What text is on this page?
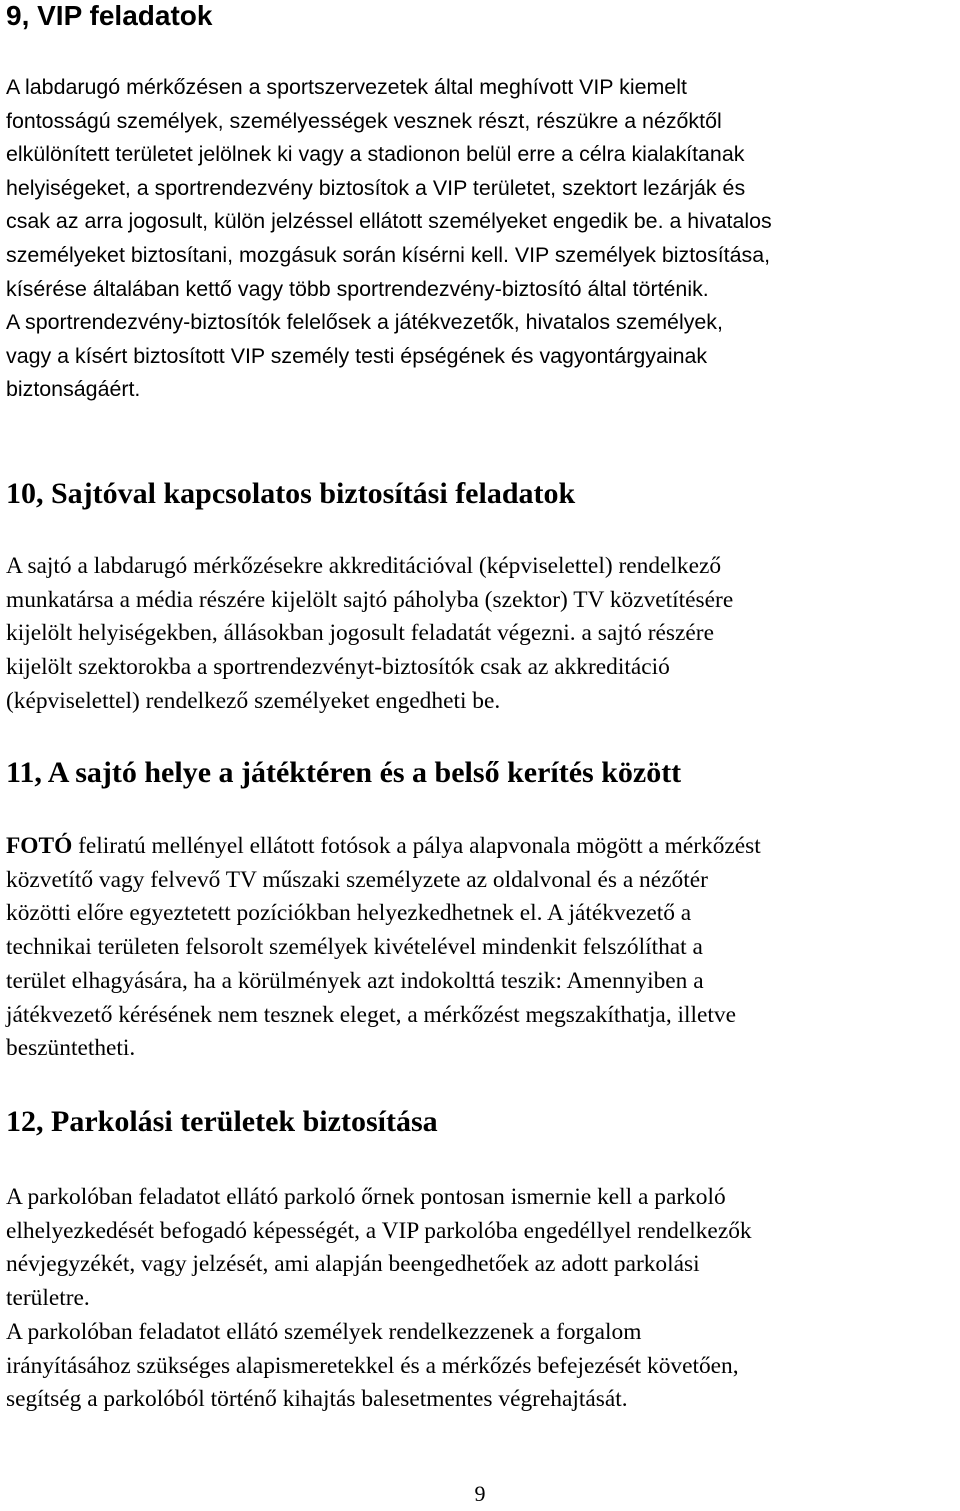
9, VIP feladatok

A labdarugó mérkőzésen a sportszervezetek által meghívott VIP kiemelt
fontosságú személyek, személyességek vesznek részt, részükre a nézőktől
elkülönített területet jelölnek ki vagy a stadionon belül erre a célra kialakítanak
helyiségeket, a sportrendezvény biztosítok a VIP területet, szektort lezárják és
csak az arra jogosult, külön jelzéssel ellátott személyeket engedik be. a hivatalos
személyeket biztosítani, mozgásuk során kísérni kell. VIP személyek biztosítása,
kísérése általában kettő vagy több sportrendezvény-biztosító által történik.
A sportrendezvény-biztosítók felelősek a játékvezetők, hivatalos személyek,
vagy a kísért biztosított VIP személy testi épségének és vagyontárgyainak
biztonságáért.

10, Sajtóval kapcsolatos biztosítási feladatok

A sajtó a labdarugó mérkőzésekre akkreditációval (képviselettel) rendelkező
munkatársa a média részére kijelölt sajtó páholyba (szektor) TV közvetítésére
kijelölt helyiségekben, állásokban jogosult feladatát végezni. a sajtó részére
kijelölt szektorokba a sportrendezvényt-biztosítók csak az akkreditáció
(képviselettel) rendelkező személyeket engedheti be.

11, A sajtó helye a játéktéren és a belső kerítés között

FOTÓ feliratú mellényel ellátott fotósok a pálya alapvonala mögött a mérkőzést
közvetítő vagy felvevő TV műszaki személyzete az oldalvonal és a nézőtér
közötti előre egyeztetett pozíciókban helyezkedhetnek el. A játékvezető a
technikai területen felsorolt személyek kivételével mindenkit felszólíthat a
terület elhagyására, ha a körülmények azt indokolttá teszik: Amennyiben a
játékvezető kérésének nem tesznek eleget, a mérkőzést megszakíthatja, illetve
beszüntetheti.

12, Parkolási területek biztosítása

A parkolóban feladatot ellátó parkoló őrnek pontosan ismernie kell a parkoló
elhelyezkedését befogadó képességét, a VIP parkolóba engedéllyel rendelkezők
névjegyzékét, vagy jelzését, ami alapján beengedhetőek az adott parkolási
területre.

A parkolóban feladatot ellátó személyek rendelkezzenek a forgalom
irányításához szükséges alapismeretekkel és a mérkőzés befejezését követően,
segítség a parkolóból történő kihajtás balesetmentes végrehajtását.

9
